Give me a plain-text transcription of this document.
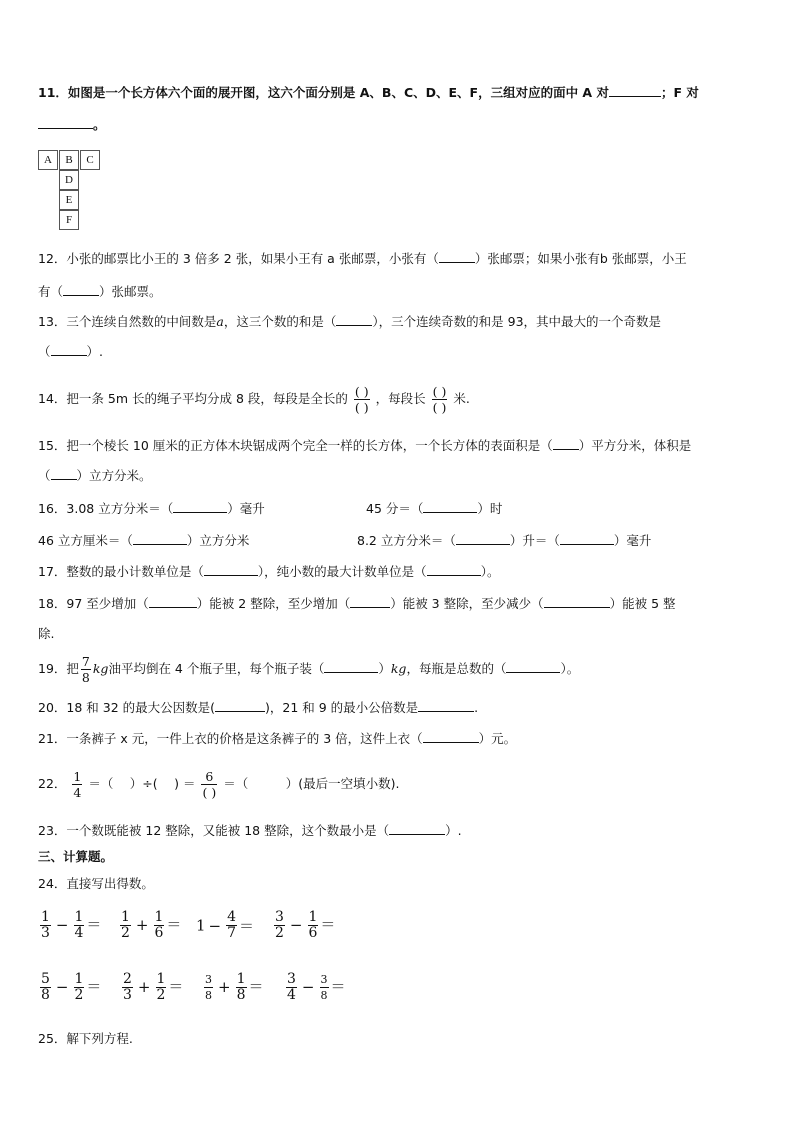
11．如图是一个长方体六个面的展开图，这六个面分别是 A、B、C、D、E、F，三组对应的面中 A 对	；F 对
。
A	B	C
D
E
F
12．小张的邮票比小王的 3 倍多 2 张，如果小王有 a 张邮票，小张有（	）张邮票；如果小张有b 张邮票，小王
有（	）张邮票。
13．三个连续自然数的中间数是a，这三个数的和是（	），三个连续奇数的和是 93，其中最大的一个奇数是
（	）.
14．把一条 5m 长的绳子平均分成 8 段，每段是全长的 ( )
( )
，每段长 ( )
( )
米.
15．把一个棱长 10 厘米的正方体木块锯成两个完全一样的长方体，一个长方体的表面积是（ ）平方分米，体积是
（ ）立方分米。
16．3.08 立方分米＝（	）毫升	45 分＝（	）时
46 立方厘米＝（	）立方分米	8.2 立方分米＝（	）升＝（	）毫升
17．整数的最小计数单位是（	），纯小数的最大计数单位是（	）。
18．97 至少增加（	）能被 2 整除，至少增加（	）能被 3 整除，至少减少（	）能被 5 整
除.
19．把 $\frac{7}{8}$ kg油平均倒在 4 个瓶子里，每个瓶子装（	）kg，每瓶是总数的（	）。
20．18 和 32 的最大公因数是(	)，21 和 9 的最小公倍数是	.
21．一条裤子 x 元，一件上衣的价格是这条裤子的 3 倍，这件上衣（	）元。
22． $\frac{1}{4}$ ＝（　 ）÷(　 ) ＝ 6
( )
＝（　　　）(最后一空填小数).
23．一个数既能被 12 整除，又能被 18 整除，这个数最小是（	）.
三、计算题。
24．直接写出得数。
$\frac{1}{3} - \frac{1}{4} = \frac{1}{2} + \frac{1}{6} = 1 - \frac{4}{7} = \frac{3}{2} - \frac{1}{6}$ ＝
$\frac{5}{8} - \frac{1}{2} = \frac{2}{3} + \frac{1}{2} = \frac{3}{8} + \frac{1}{8} = \frac{3}{4} - \frac{3}{8}$ ＝
25．解下列方程.
